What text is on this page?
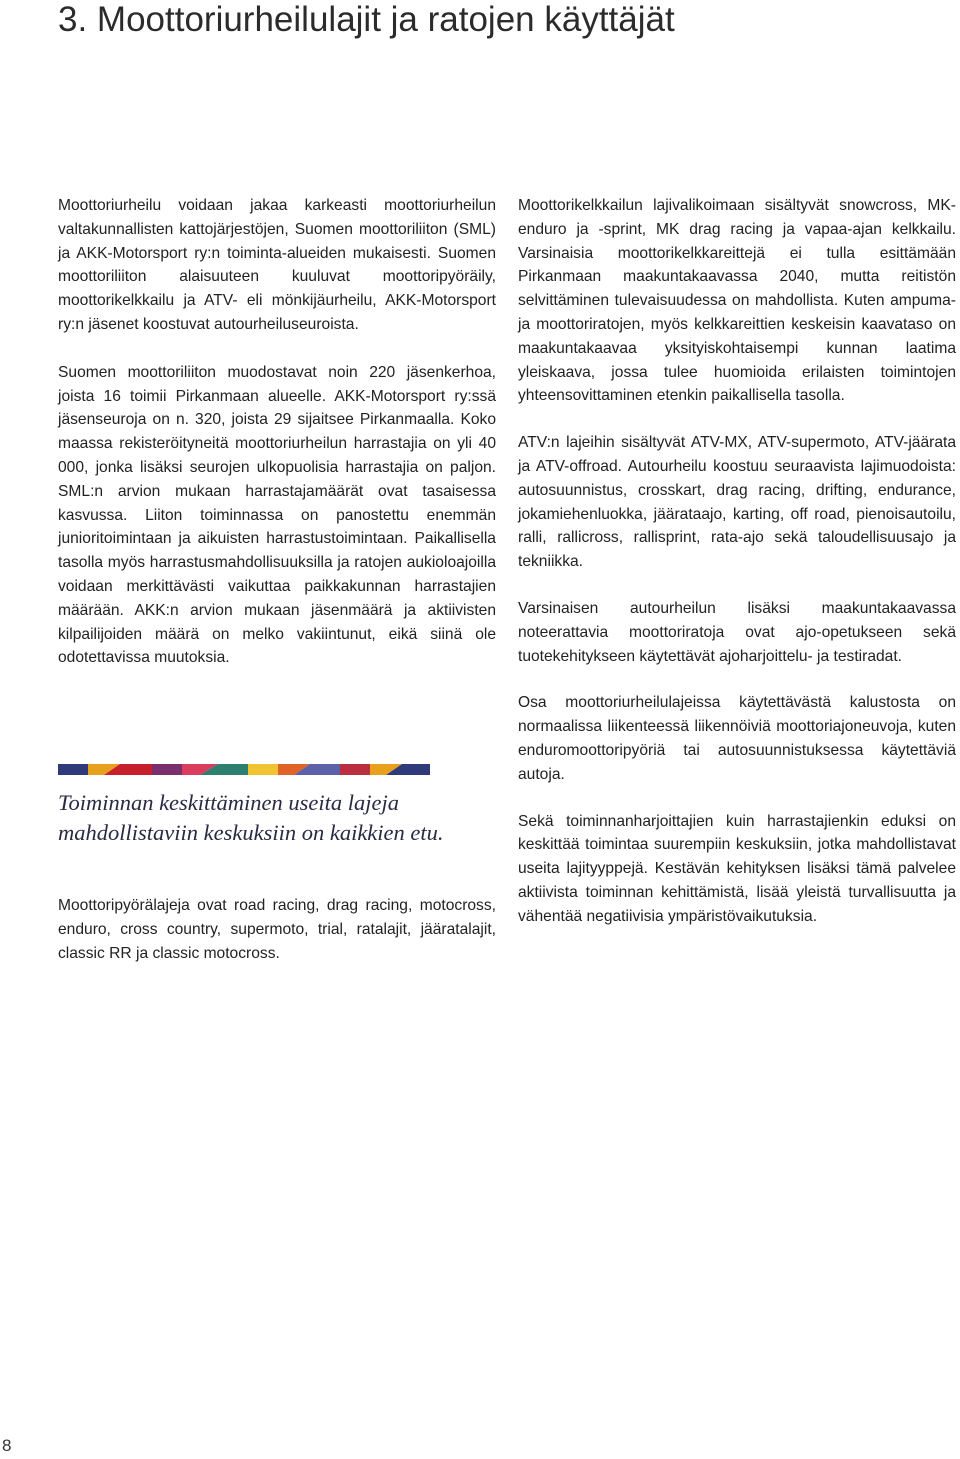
3. Moottoriurheilulajit ja ratojen käyttäjät

Moottoriurheilu voidaan jakaa karkeasti moottoriurheilun valtakunnallisten kattojärjestöjen, Suomen moottoriliiton (SML) ja AKK-Motorsport ry:n toiminta-alueiden mukaisesti. Suomen moottoriliiton alaisuuteen kuuluvat moottoripyöräily, moottorikelkkailu ja ATV- eli mönkijäurheilu, AKK-Motorsport ry:n jäsenet koostuvat autourheiluseuroista.

Suomen moottoriliiton muodostavat noin 220 jäsenkerhoa, joista 16 toimii Pirkanmaan alueelle. AKK-Motorsport ry:ssä jäsenseuroja on n. 320, joista 29 sijaitsee Pirkanmaalla. Koko maassa rekisteröityneitä moottoriurheilun harrastajia on yli 40 000, jonka lisäksi seurojen ulkopuolisia harrastajia on paljon. SML:n arvion mukaan harrastajamäärät ovat tasaisessa kasvussa. Liiton toiminnassa on panostettu enemmän junioritoimintaan ja aikuisten harrastustoimintaan. Paikallisella tasolla myös harrastusmahdollisuuksilla ja ratojen aukioloajoilla voidaan merkittävästi vaikuttaa paikkakunnan harrastajien määrään. AKK:n arvion mukaan jäsenmäärä ja aktiivisten kilpailijoiden määrä on melko vakiintunut, eikä siinä ole odotettavissa muutoksia.

Toiminnan keskittäminen useita lajeja
mahdollistaviin keskuksiin on kaikkien etu.

Moottoripyörälajeja ovat road racing, drag racing, motocross, enduro, cross country, supermoto, trial, ratalajit, jääratalajit, classic RR ja classic motocross.

Moottorikelkkailun lajivalikoimaan sisältyvät snowcross, MK-enduro ja -sprint, MK drag racing ja vapaa-ajan kelkkailu. Varsinaisia moottorikelkkareittejä ei tulla esittämään Pirkanmaan maakuntakaavassa 2040, mutta reitistön selvittäminen tulevaisuudessa on mahdollista. Kuten ampuma- ja moottoriratojen, myös kelkkareittien keskeisin kaavataso on maakuntakaavaa yksityiskohtaisempi kunnan laatima yleiskaava, jossa tulee huomioida erilaisten toimintojen yhteensovittaminen etenkin paikallisella tasolla.

ATV:n lajeihin sisältyvät ATV-MX, ATV-supermoto, ATV-jäärata ja ATV-offroad. Autourheilu koostuu seuraavista lajimuodoista: autosuunnistus, crosskart, drag racing, drifting, endurance, jokamiehenluokka, jäärataajo, karting, off road, pienoisautoilu, ralli, rallicross, rallisprint, rata-ajo sekä taloudellisuusajo ja tekniikka.

Varsinaisen autourheilun lisäksi maakuntakaavassa noteerattavia moottoriratoja ovat ajo-opetukseen sekä tuotekehitykseen käytettävät ajoharjoittelu- ja testiradat.

Osa moottoriurheilulajeissa käytettävästä kalustosta on normaalissa liikenteessä liikennöiviä moottoriajoneuvoja, kuten enduromoottoripyöriä tai autosuunnistuksessa käytettäviä autoja.

Sekä toiminnanharjoittajien kuin harrastajienkin eduksi on keskittää toimintaa suurempiin keskuksiin, jotka mahdollistavat useita lajityyppejä. Kestävän kehityksen lisäksi tämä palvelee aktiivista toiminnan kehittämistä, lisää yleistä turvallisuutta ja vähentää negatiivisia ympäristövaikutuksia.

8
